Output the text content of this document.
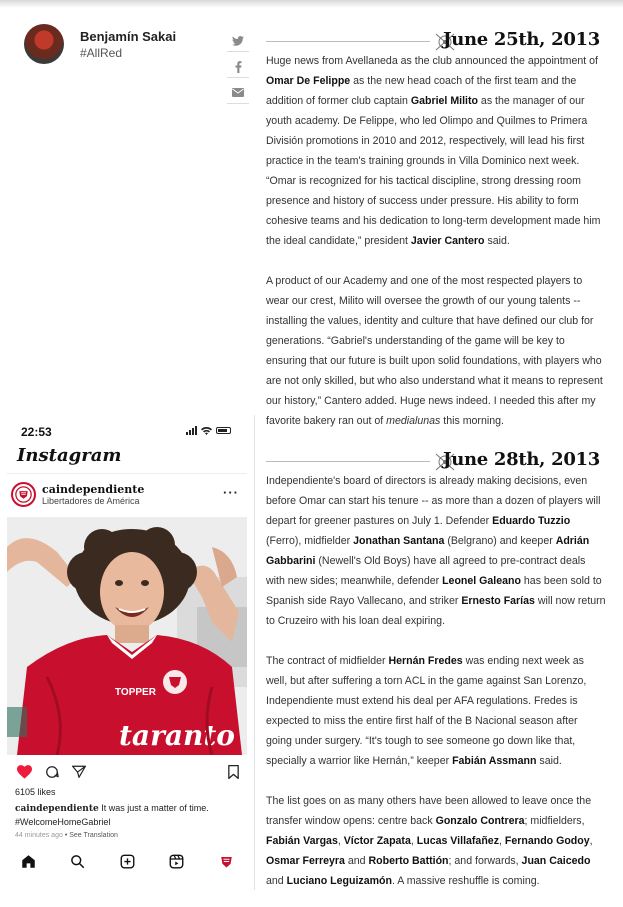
Benjamín Sakai
#AllRed
22:53
Instagram
caindependiente
Libertadores de América
···
TOPPER
taranto
6105 likes
caindependiente It was just a matter of time.
#WelcomeHomeGabriel
44 minutes ago • See Translation
June 25th, 2013
Huge news from Avellaneda as the club announced the appointment of Omar De Felippe as the new head coach of the first team and the addition of former club captain Gabriel Milito as the manager of our youth academy. De Felippe, who led Olimpo and Quilmes to Primera División promotions in 2010 and 2012, respectively, will lead his first practice in the team's training grounds in Villa Dominico next week. “Omar is recognized for his tactical discipline, strong dressing room presence and history of success under pressure. His ability to form cohesive teams and his dedication to long-term development made him the ideal candidate,” president Javier Cantero said.
A product of our Academy and one of the most respected players to wear our crest, Milito will oversee the growth of our young talents -- installing the values, identity and culture that have defined our club for generations. “Gabriel's understanding of the game will be key to ensuring that our future is built upon solid foundations, with players who are not only skilled, but who also understand what it means to represent our history,” Cantero added. Huge news indeed. I needed this after my favorite bakery ran out of medialunas this morning.
June 28th, 2013
Independiente's board of directors is already making decisions, even before Omar can start his tenure -- as more than a dozen of players will depart for greener pastures on July 1. Defender Eduardo Tuzzio (Ferro), midfielder Jonathan Santana (Belgrano) and keeper Adrián Gabbarini (Newell's Old Boys) have all agreed to pre-contract deals with new sides; meanwhile, defender Leonel Galeano has been sold to Spanish side Rayo Vallecano, and striker Ernesto Farías will now return to Cruzeiro with his loan deal expiring.
The contract of midfielder Hernán Fredes was ending next week as well, but after suffering a torn ACL in the game against San Lorenzo, Independiente must extend his deal per AFA regulations. Fredes is expected to miss the entire first half of the B Nacional season after going under surgery. “It's tough to see someone go down like that, specially a warrior like Hernán,” keeper Fabián Assmann said.
The list goes on as many others have been allowed to leave once the transfer window opens: centre back Gonzalo Contrera; midfielders, Fabián Vargas, Víctor Zapata, Lucas Villafañez, Fernando Godoy, Osmar Ferreyra and Roberto Battión; and forwards, Juan Caicedo and Luciano Leguizamón. A massive reshuffle is coming.
